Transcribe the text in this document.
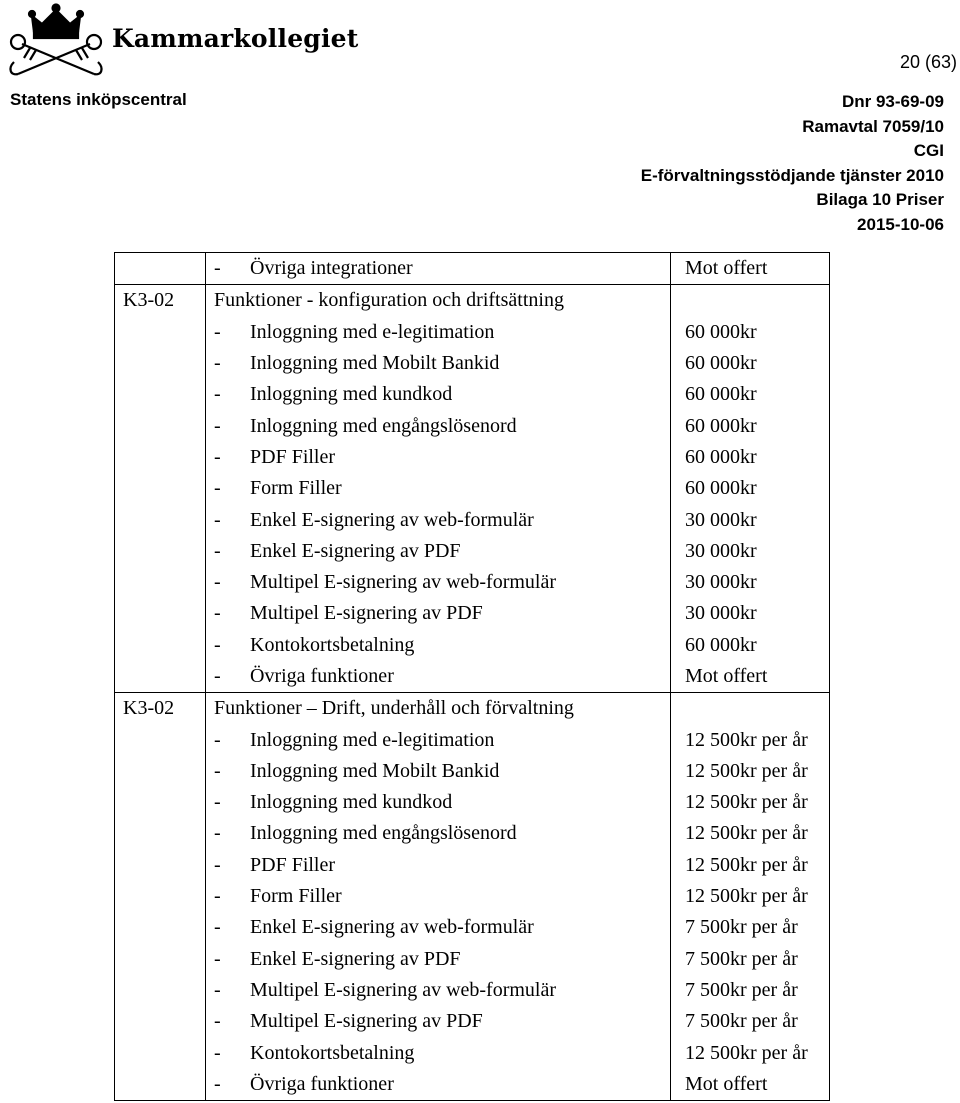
Kammarkollegiet
20 (63)
Statens inköpscentral	Dnr 93-69-09
Ramavtal 7059/10
CGI
E-förvaltningsstödjande tjänster 2010
Bilaga 10 Priser
2015-10-06
	- Övriga integrationer	Mot offert
K3-02	Funktioner - konfiguration och driftsättning	
	- Inloggning med e-legitimation	60 000kr
	- Inloggning med Mobilt Bankid	60 000kr
	- Inloggning med kundkod	60 000kr
	- Inloggning med engångslösenord	60 000kr
	- PDF Filler	60 000kr
	- Form Filler	60 000kr
	- Enkel E-signering av web-formulär	30 000kr
	- Enkel E-signering av PDF	30 000kr
	- Multipel E-signering av web-formulär	30 000kr
	- Multipel E-signering av PDF	30 000kr
	- Kontokortsbetalning	60 000kr
	- Övriga funktioner	Mot offert
K3-02	Funktioner – Drift, underhåll och förvaltning	
	- Inloggning med e-legitimation	12 500kr per år
	- Inloggning med Mobilt Bankid	12 500kr per år
	- Inloggning med kundkod	12 500kr per år
	- Inloggning med engångslösenord	12 500kr per år
	- PDF Filler	12 500kr per år
	- Form Filler	12 500kr per år
	- Enkel E-signering av web-formulär	7 500kr per år
	- Enkel E-signering av PDF	7 500kr per år
	- Multipel E-signering av web-formulär	7 500kr per år
	- Multipel E-signering av PDF	7 500kr per år
	- Kontokortsbetalning	12 500kr per år
	- Övriga funktioner	Mot offert
